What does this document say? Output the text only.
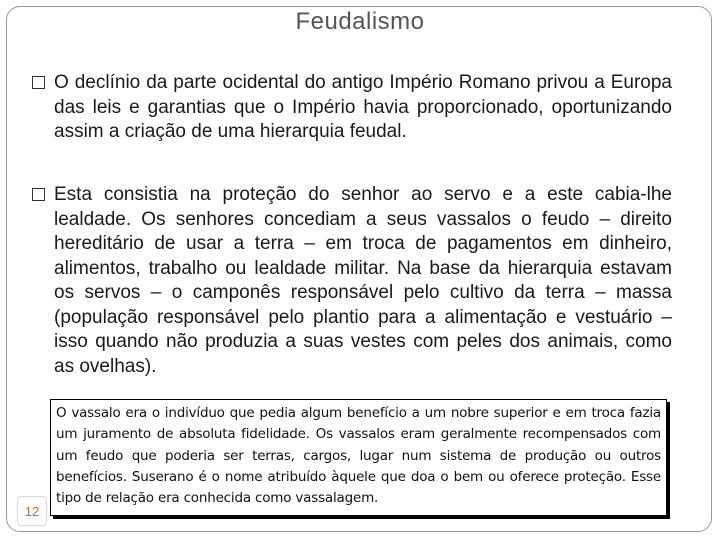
Feudalismo
O declínio da parte ocidental do antigo Império Romano privou a Europa das leis e garantias que o Império havia proporcionado, oportunizando assim a criação de uma hierarquia feudal.
Esta consistia na proteção do senhor ao servo e a este cabia-lhe lealdade. Os senhores concediam a seus vassalos o feudo – direito hereditário de usar a terra – em troca de pagamentos em dinheiro, alimentos, trabalho ou lealdade militar. Na base da hierarquia estavam os servos – o camponês responsável pelo cultivo da terra – massa (população responsável pelo plantio para a alimentação e vestuário – isso quando não produzia a suas vestes com peles dos animais, como as ovelhas).
O vassalo era o indivíduo que pedia algum benefício a um nobre superior e em troca fazia um juramento de absoluta fidelidade. Os vassalos eram geralmente recompensados com um feudo que poderia ser terras, cargos, lugar num sistema de produção ou outros benefícios. Suserano é o nome atribuído àquele que doa o bem ou oferece proteção. Esse tipo de relação era conhecida como vassalagem.
12
